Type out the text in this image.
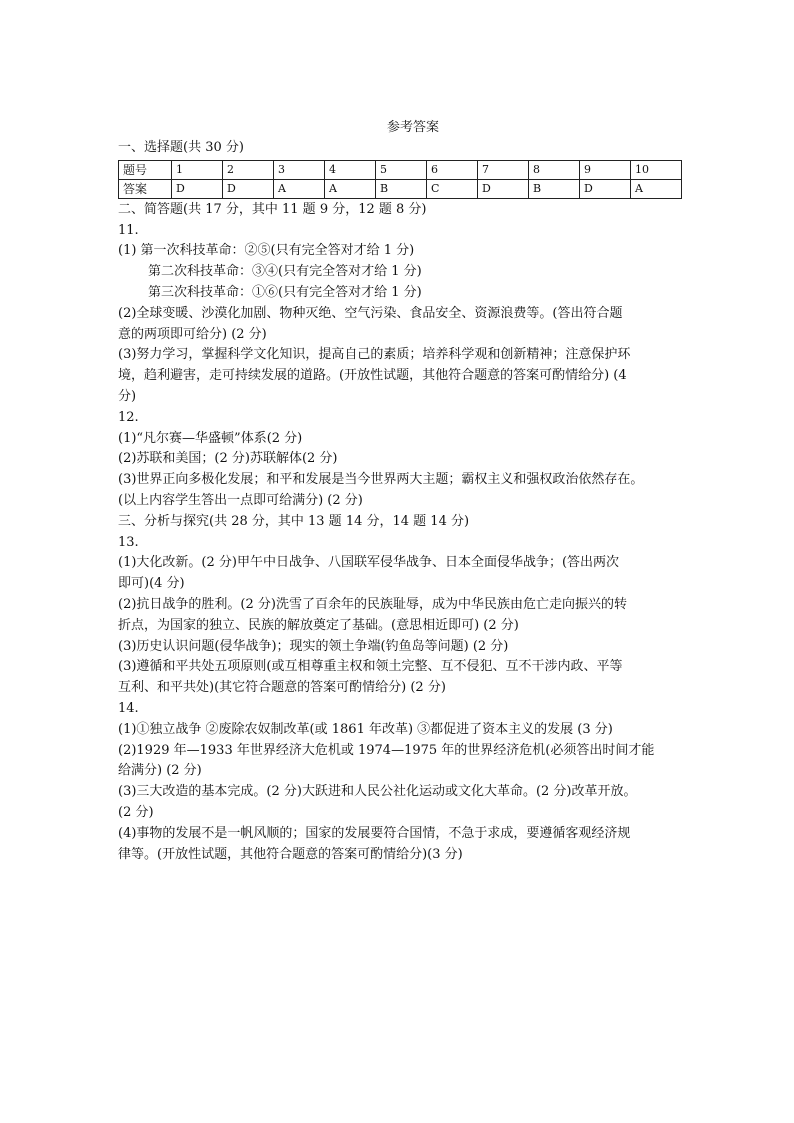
参考答案
一、选择题(共 30 分)
题号	1	2	3	4	5	6	7	8	9	10
答案	D	D	A	A	B	C	D	B	D	A
二、简答题(共 17 分，其中 11 题 9 分，12 题 8 分)
11.
(1) 第一次科技革命：②⑤(只有完全答对才给 1 分)
第二次科技革命：③④(只有完全答对才给 1 分)
第三次科技革命：①⑥(只有完全答对才给 1 分)
(2)全球变暖、沙漠化加剧、物种灭绝、空气污染、食品安全、资源浪费等。(答出符合题
意的两项即可给分) (2 分)
(3)努力学习，掌握科学文化知识，提高自己的素质；培养科学观和创新精神；注意保护环
境，趋利避害，走可持续发展的道路。(开放性试题，其他符合题意的答案可酌情给分) (4
分)
12.
(1)“凡尔赛—华盛顿”体系(2 分)
(2)苏联和美国；(2 分)苏联解体(2 分)
(3)世界正向多极化发展；和平和发展是当今世界两大主题；霸权主义和强权政治依然存在。
(以上内容学生答出一点即可给满分) (2 分)
三、分析与探究(共 28 分，其中 13 题 14 分，14 题 14 分)
13.
(1)大化改新。(2 分)甲午中日战争、八国联军侵华战争、日本全面侵华战争；(答出两次
即可)(4 分)
(2)抗日战争的胜利。(2 分)洗雪了百余年的民族耻辱，成为中华民族由危亡走向振兴的转
折点，为国家的独立、民族的解放奠定了基础。(意思相近即可) (2 分)
(3)历史认识问题(侵华战争)；现实的领土争端(钓鱼岛等问题) (2 分)
(3)遵循和平共处五项原则(或互相尊重主权和领土完整、互不侵犯、互不干涉内政、平等
互利、和平共处)(其它符合题意的答案可酌情给分) (2 分)
14.
(1)①独立战争 ②废除农奴制改革(或 1861 年改革) ③都促进了资本主义的发展 (3 分)
(2)1929 年—1933 年世界经济大危机或 1974—1975 年的世界经济危机(必须答出时间才能
给满分) (2 分)
(3)三大改造的基本完成。(2 分)大跃进和人民公社化运动或文化大革命。(2 分)改革开放。
(2 分)
(4)事物的发展不是一帆风顺的；国家的发展要符合国情，不急于求成，要遵循客观经济规
律等。(开放性试题，其他符合题意的答案可酌情给分)(3 分)
